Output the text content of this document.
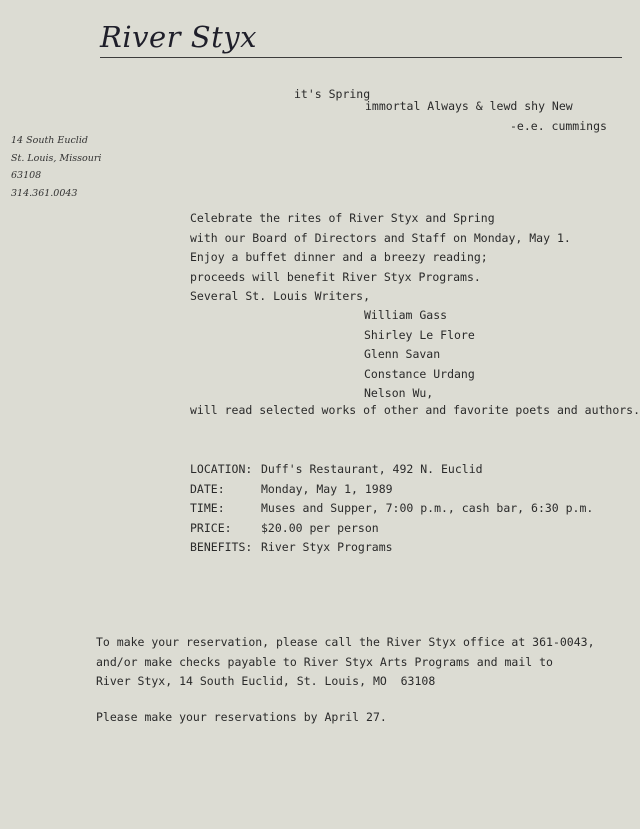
River Styx
14 South Euclid
St. Louis, Missouri
63108
314.361.0043
it's Spring
immortal Always & lewd shy New
-e.e. cummings
Celebrate the rites of River Styx and Spring
with our Board of Directors and Staff on Monday, May 1.
Enjoy a buffet dinner and a breezy reading;
proceeds will benefit River Styx Programs.
Several St. Louis Writers,
William Gass
Shirley Le Flore
Glenn Savan
Constance Urdang
Nelson Wu,
will read selected works of other and favorite poets and authors.
LOCATION: Duff's Restaurant, 492 N. Euclid
DATE:	Monday, May 1, 1989
TIME:	Muses and Supper, 7:00 p.m., cash bar, 6:30 p.m.
PRICE:	$20.00 per person
BENEFITS: River Styx Programs
To make your reservation, please call the River Styx office at 361-0043,
and/or make checks payable to River Styx Arts Programs and mail to
River Styx, 14 South Euclid, St. Louis, MO  63108
Please make your reservations by April 27.
